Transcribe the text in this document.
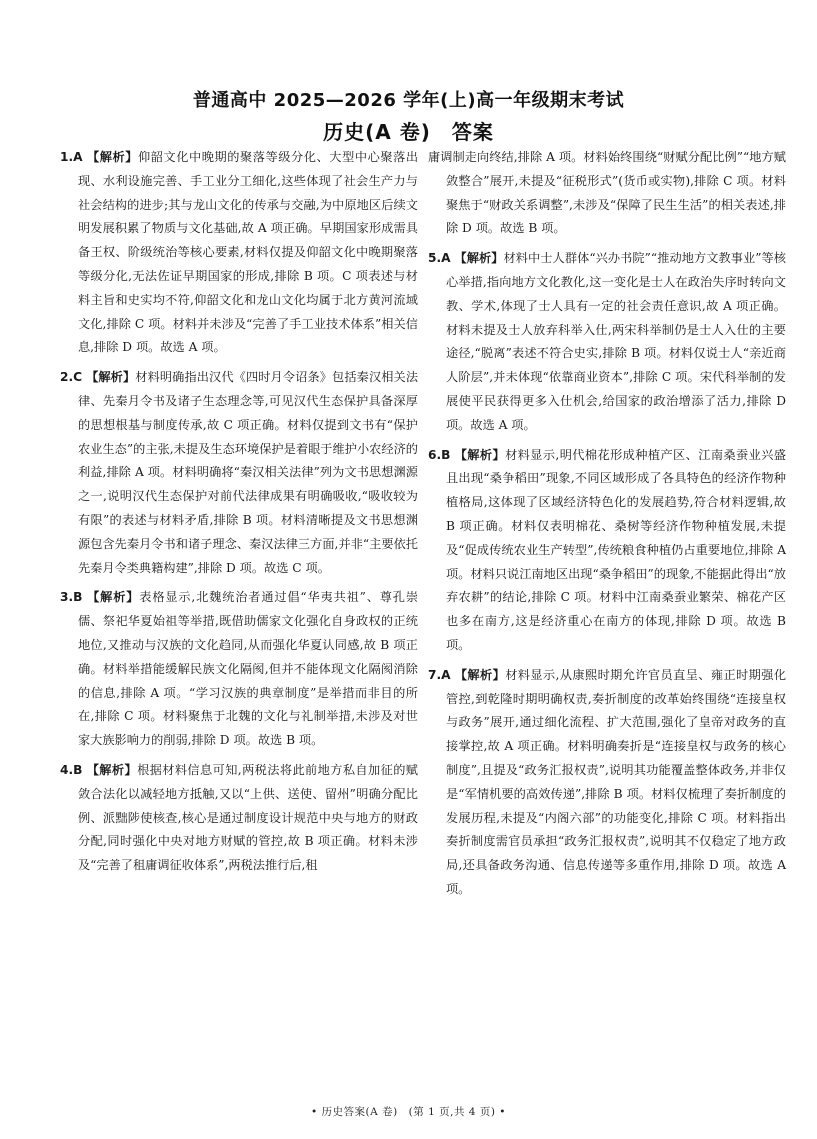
普通高中 2025—2026 学年(上)高一年级期末考试
历史(A 卷)　答案

1.A 【解析】仰韶文化中晚期的聚落等级分化、大型中心聚落出现、水利设施完善、手工业分工细化,这些体现了社会生产力与社会结构的进步;其与龙山文化的传承与交融,为中原地区后续文明发展积累了物质与文化基础,故 A 项正确。早期国家形成需具备王权、阶级统治等核心要素,材料仅提及仰韶文化中晚期聚落等级分化,无法佐证早期国家的形成,排除 B 项。C 项表述与材料主旨和史实均不符,仰韶文化和龙山文化均属于北方黄河流域文化,排除 C 项。材料并未涉及“完善了手工业技术体系”相关信息,排除 D 项。故选 A 项。

2.C 【解析】材料明确指出汉代《四时月令诏条》包括秦汉相关法律、先秦月令书及诸子生态理念等,可见汉代生态保护具备深厚的思想根基与制度传承,故 C 项正确。材料仅提到文书有“保护农业生态”的主张,未提及生态环境保护是着眼于维护小农经济的利益,排除 A 项。材料明确将“秦汉相关法律”列为文书思想渊源之一,说明汉代生态保护对前代法律成果有明确吸收,“吸收较为有限”的表述与材料矛盾,排除 B 项。材料清晰提及文书思想渊源包含先秦月令书和诸子理念、秦汉法律三方面,并非“主要依托先秦月令类典籍构建”,排除 D 项。故选 C 项。

3.B 【解析】表格显示,北魏统治者通过倡“华夷共祖”、尊孔崇儒、祭祀华夏始祖等举措,既借助儒家文化强化自身政权的正统地位,又推动与汉族的文化趋同,从而强化华夏认同感,故 B 项正确。材料举措能缓解民族文化隔阂,但并不能体现文化隔阂消除的信息,排除 A 项。“学习汉族的典章制度”是举措而非目的所在,排除 C 项。材料聚焦于北魏的文化与礼制举措,未涉及对世家大族影响力的削弱,排除 D 项。故选 B 项。

4.B 【解析】根据材料信息可知,两税法将此前地方私自加征的赋敛合法化以减轻地方抵触,又以“上供、送使、留州”明确分配比例、派黜陟使核查,核心是通过制度设计规范中央与地方的财政分配,同时强化中央对地方财赋的管控,故 B 项正确。材料未涉及“完善了租庸调征收体系”,两税法推行后,租

庸调制走向终结,排除 A 项。材料始终围绕“财赋分配比例”“地方赋敛整合”展开,未提及“征税形式”(货币或实物),排除 C 项。材料聚焦于“财政关系调整”,未涉及“保障了民生生活”的相关表述,排除 D 项。故选 B 项。

5.A 【解析】材料中士人群体“兴办书院”“推动地方文教事业”等核心举措,指向地方文化教化,这一变化是士人在政治失序时转向文教、学术,体现了士人具有一定的社会责任意识,故 A 项正确。材料未提及士人放弃科举入仕,两宋科举制仍是士人入仕的主要途径,“脱离”表述不符合史实,排除 B 项。材料仅说士人“亲近商人阶层”,并未体现“依靠商业资本”,排除 C 项。宋代科举制的发展使平民获得更多入仕机会,给国家的政治增添了活力,排除 D 项。故选 A 项。

6.B 【解析】材料显示,明代棉花形成种植产区、江南桑蚕业兴盛且出现“桑争稻田”现象,不同区域形成了各具特色的经济作物种植格局,这体现了区域经济特色化的发展趋势,符合材料逻辑,故 B 项正确。材料仅表明棉花、桑树等经济作物种植发展,未提及“促成传统农业生产转型”,传统粮食种植仍占重要地位,排除 A 项。材料只说江南地区出现“桑争稻田”的现象,不能据此得出“放弃农耕”的结论,排除 C 项。材料中江南桑蚕业繁荣、棉花产区也多在南方,这是经济重心在南方的体现,排除 D 项。故选 B 项。

7.A 【解析】材料显示,从康熙时期允许官员直呈、雍正时期强化管控,到乾隆时期明确权责,奏折制度的改革始终围绕“连接皇权与政务”展开,通过细化流程、扩大范围,强化了皇帝对政务的直接掌控,故 A 项正确。材料明确奏折是“连接皇权与政务的核心制度”,且提及“政务汇报权责”,说明其功能覆盖整体政务,并非仅是“军情机要的高效传递”,排除 B 项。材料仅梳理了奏折制度的发展历程,未提及“内阁六部”的功能变化,排除 C 项。材料指出奏折制度需官员承担“政务汇报权责”,说明其不仅稳定了地方政局,还具备政务沟通、信息传递等多重作用,排除 D 项。故选 A 项。

• 历史答案(A 卷)　(第 1 页,共 4 页) •
